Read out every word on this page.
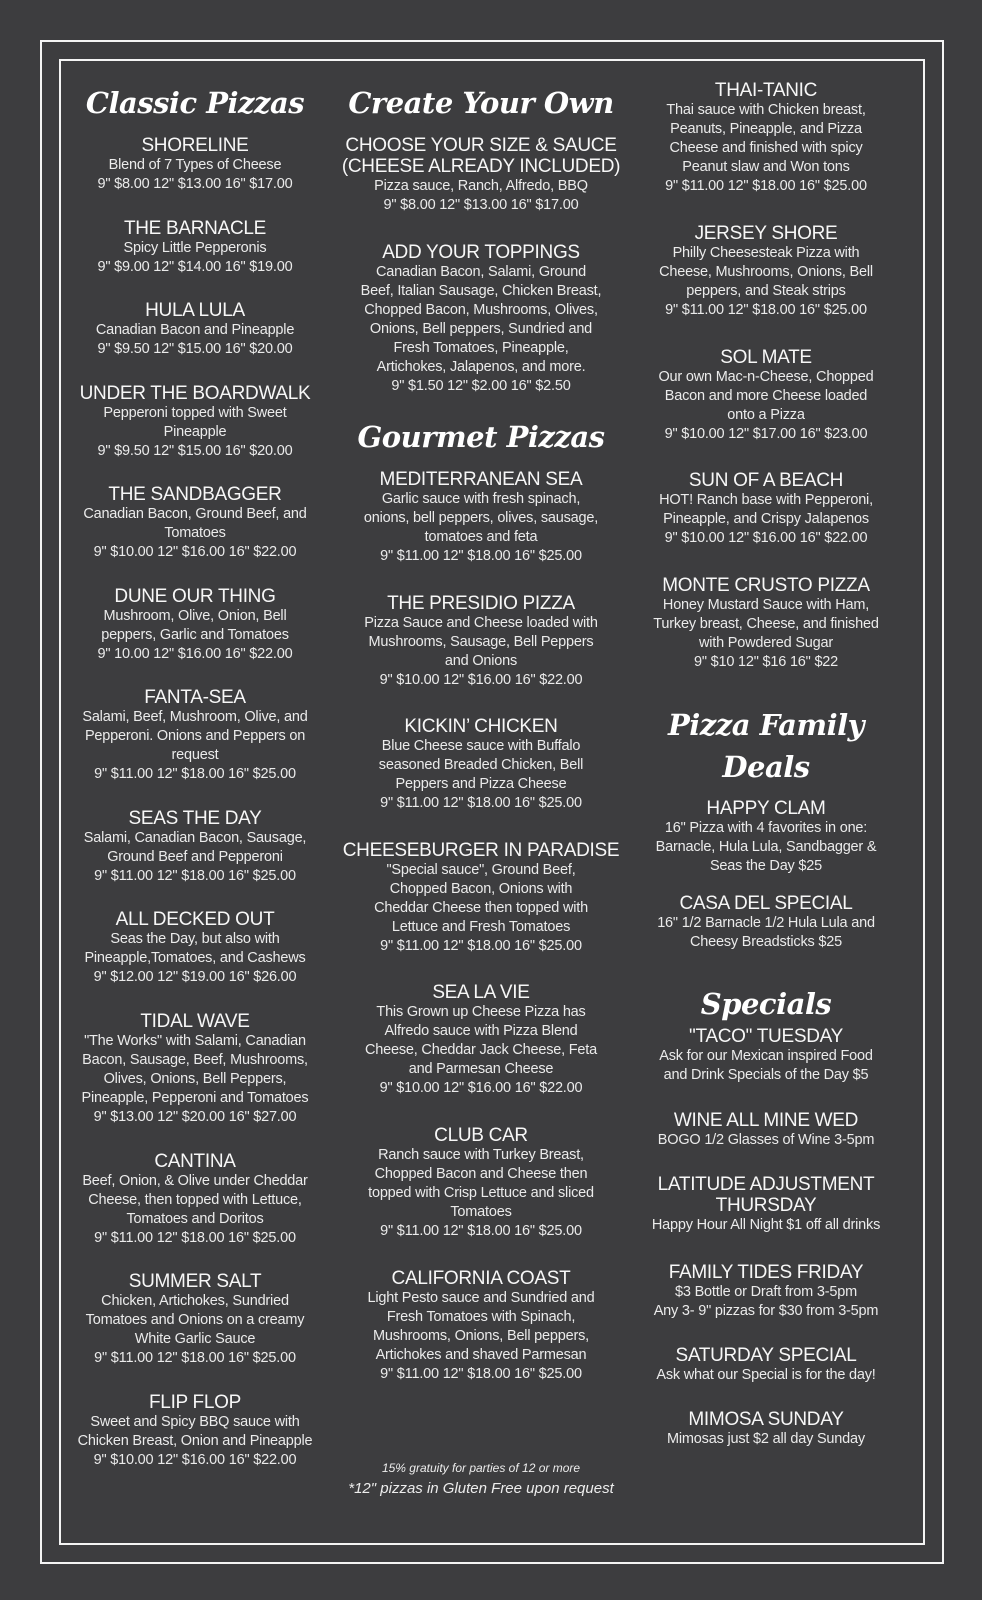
Classic Pizzas
SHORELINE
Blend of 7 Types of Cheese
9" $8.00 12" $13.00 16" $17.00
THE BARNACLE
Spicy Little Pepperonis
9" $9.00 12" $14.00 16" $19.00
HULA LULA
Canadian Bacon and Pineapple
9" $9.50 12" $15.00 16" $20.00
UNDER THE BOARDWALK
Pepperoni topped with Sweet
Pineapple
9" $9.50 12" $15.00 16" $20.00
THE SANDBAGGER
Canadian Bacon, Ground Beef, and
Tomatoes
9" $10.00 12" $16.00 16" $22.00
DUNE OUR THING
Mushroom, Olive, Onion, Bell
peppers, Garlic and Tomatoes
9" 10.00 12" $16.00 16" $22.00
FANTA-SEA
Salami, Beef, Mushroom, Olive, and
Pepperoni. Onions and Peppers on
request
9" $11.00 12" $18.00 16" $25.00
SEAS THE DAY
Salami, Canadian Bacon, Sausage,
Ground Beef and Pepperoni
9" $11.00 12" $18.00 16" $25.00
ALL DECKED OUT
Seas the Day, but also with
Pineapple,Tomatoes, and Cashews
9" $12.00 12" $19.00 16" $26.00
TIDAL WAVE
"The Works" with Salami, Canadian
Bacon, Sausage, Beef, Mushrooms,
Olives, Onions, Bell Peppers,
Pineapple, Pepperoni and Tomatoes
9" $13.00 12" $20.00 16" $27.00
CANTINA
Beef, Onion, & Olive under Cheddar
Cheese, then topped with Lettuce,
Tomatoes and Doritos
9" $11.00 12" $18.00 16" $25.00
SUMMER SALT
Chicken, Artichokes, Sundried
Tomatoes and Onions on a creamy
White Garlic Sauce
9" $11.00 12" $18.00 16" $25.00
FLIP FLOP
Sweet and Spicy BBQ sauce with
Chicken Breast, Onion and Pineapple
9" $10.00 12" $16.00 16" $22.00
Create Your Own
CHOOSE YOUR SIZE & SAUCE
(CHEESE ALREADY INCLUDED)
Pizza sauce, Ranch, Alfredo, BBQ
9" $8.00 12" $13.00 16" $17.00
ADD YOUR TOPPINGS
Canadian Bacon, Salami, Ground
Beef, Italian Sausage, Chicken Breast,
Chopped Bacon, Mushrooms, Olives,
Onions, Bell peppers, Sundried and
Fresh Tomatoes, Pineapple,
Artichokes, Jalapenos, and more.
9" $1.50 12" $2.00 16" $2.50
Gourmet Pizzas
MEDITERRANEAN SEA
Garlic sauce with fresh spinach,
onions, bell peppers, olives, sausage,
tomatoes and feta
9" $11.00 12" $18.00 16" $25.00
THE PRESIDIO PIZZA
Pizza Sauce and Cheese loaded with
Mushrooms, Sausage, Bell Peppers
and Onions
9" $10.00 12" $16.00 16" $22.00
KICKIN’ CHICKEN
Blue Cheese sauce with Buffalo
seasoned Breaded Chicken, Bell
Peppers and Pizza Cheese
9" $11.00 12" $18.00 16" $25.00
CHEESEBURGER IN PARADISE
"Special sauce", Ground Beef,
Chopped Bacon, Onions with
Cheddar Cheese then topped with
Lettuce and Fresh Tomatoes
9" $11.00 12" $18.00 16" $25.00
SEA LA VIE
This Grown up Cheese Pizza has
Alfredo sauce with Pizza Blend
Cheese, Cheddar Jack Cheese, Feta
and Parmesan Cheese
9" $10.00 12" $16.00 16" $22.00
CLUB CAR
Ranch sauce with Turkey Breast,
Chopped Bacon and Cheese then
topped with Crisp Lettuce and sliced
Tomatoes
9" $11.00 12" $18.00 16" $25.00
CALIFORNIA COAST
Light Pesto sauce and Sundried and
Fresh Tomatoes with Spinach,
Mushrooms, Onions, Bell peppers,
Artichokes and shaved Parmesan
9" $11.00 12" $18.00 16" $25.00
15% gratuity for parties of 12 or more
*12" pizzas in Gluten Free upon request
THAI-TANIC
Thai sauce with Chicken breast,
Peanuts, Pineapple, and Pizza
Cheese and finished with spicy
Peanut slaw and Won tons
9" $11.00 12" $18.00 16" $25.00
JERSEY SHORE
Philly Cheesesteak Pizza with
Cheese, Mushrooms, Onions, Bell
peppers, and Steak strips
9" $11.00 12" $18.00 16" $25.00
SOL MATE
Our own Mac-n-Cheese, Chopped
Bacon and more Cheese loaded
onto a Pizza
9" $10.00 12" $17.00 16" $23.00
SUN OF A BEACH
HOT! Ranch base with Pepperoni,
Pineapple, and Crispy Jalapenos
9" $10.00 12" $16.00 16" $22.00
MONTE CRUSTO PIZZA
Honey Mustard Sauce with Ham,
Turkey breast, Cheese, and finished
with Powdered Sugar
9" $10 12" $16 16" $22
Pizza Family
Deals
HAPPY CLAM
16" Pizza with 4 favorites in one:
Barnacle, Hula Lula, Sandbagger &
Seas the Day $25
CASA DEL SPECIAL
16" 1/2 Barnacle 1/2 Hula Lula and
Cheesy Breadsticks $25
Specials
"TACO" TUESDAY
Ask for our Mexican inspired Food
and Drink Specials of the Day $5
WINE ALL MINE WED
BOGO 1/2 Glasses of Wine 3-5pm
LATITUDE ADJUSTMENT
THURSDAY
Happy Hour All Night $1 off all drinks
FAMILY TIDES FRIDAY
$3 Bottle or Draft from 3-5pm
Any 3- 9" pizzas for $30 from 3-5pm
SATURDAY SPECIAL
Ask what our Special is for the day!
MIMOSA SUNDAY
Mimosas just $2 all day Sunday
